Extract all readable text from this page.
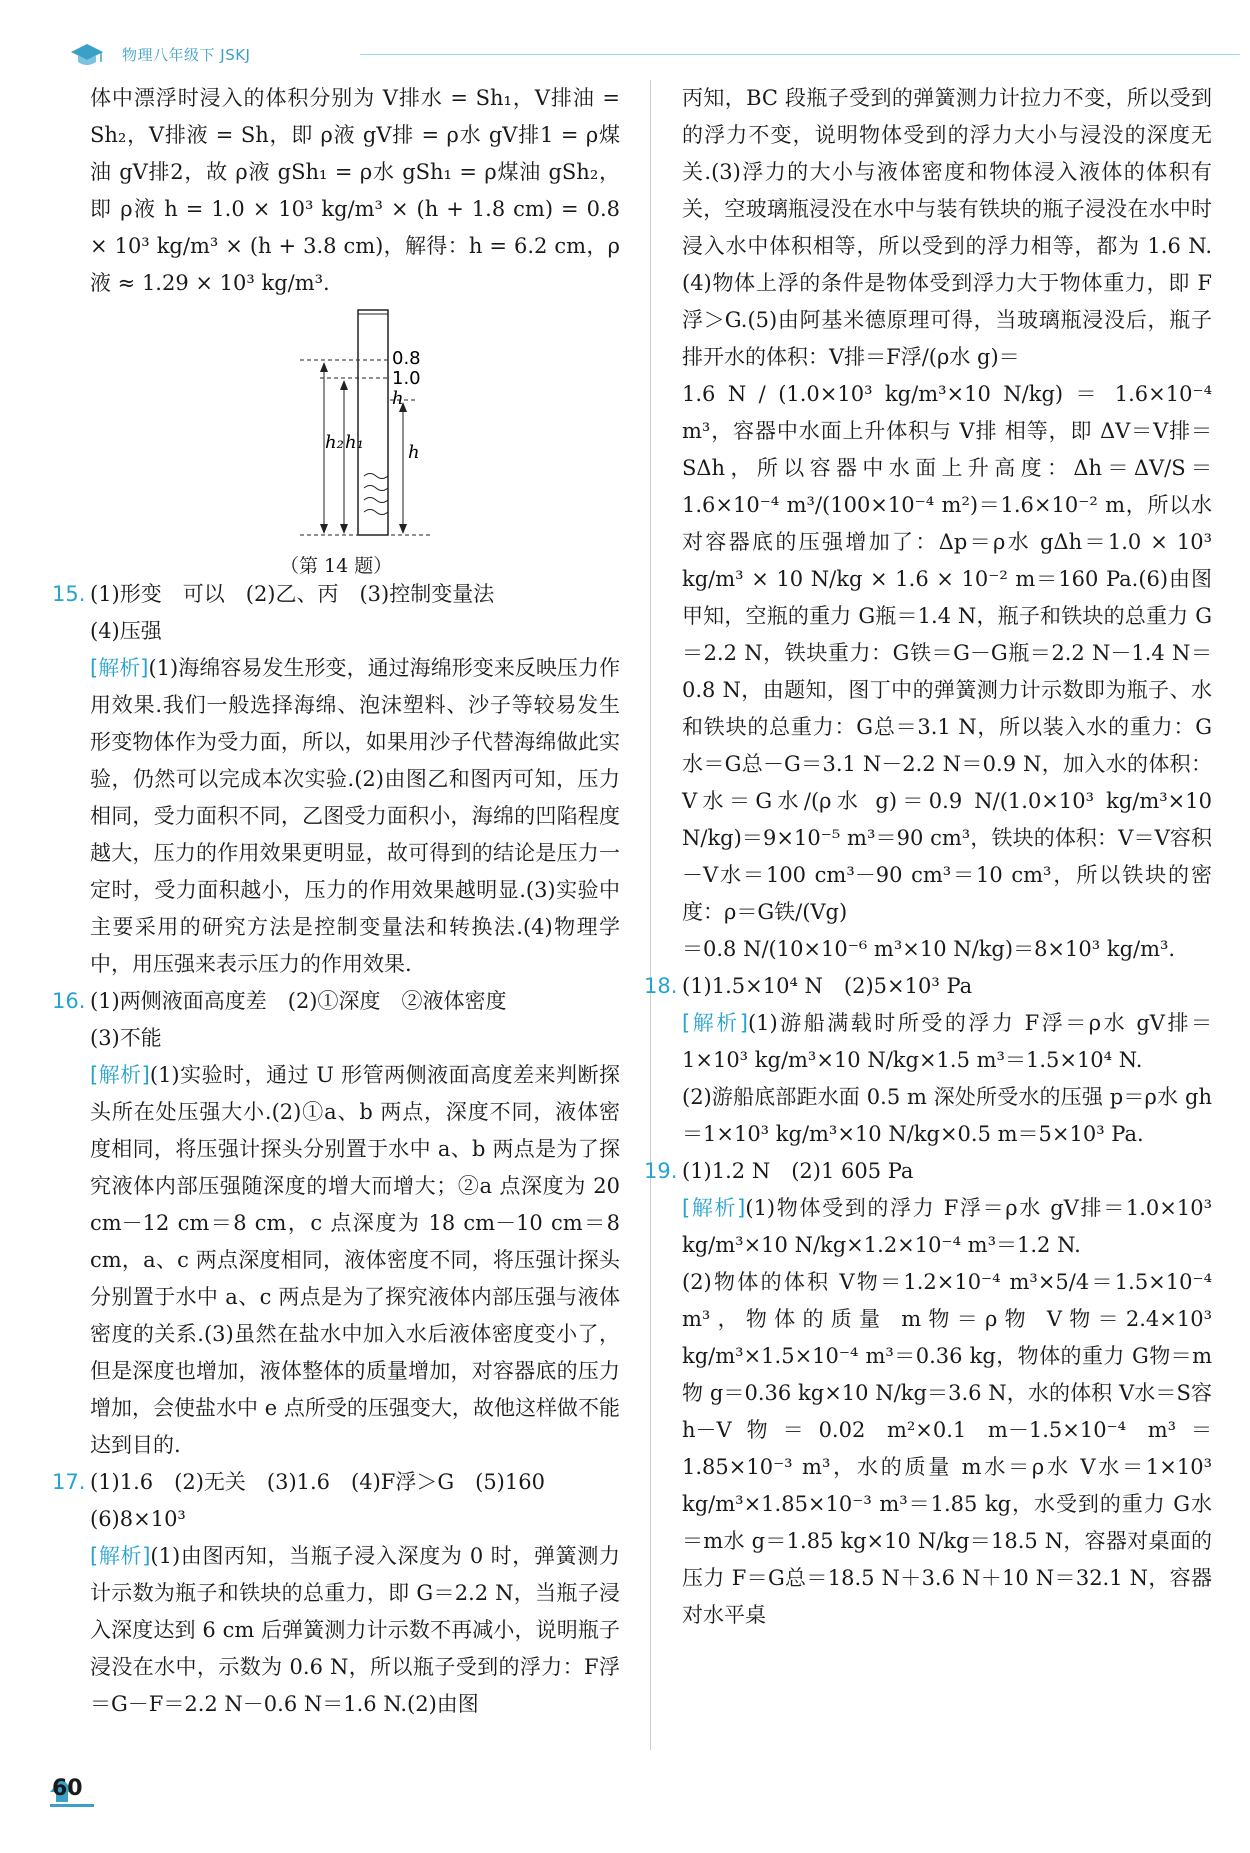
物理八年级下 JSKJ

体中漂浮时浸入的体积分别为 V排水 = Sh₁，V排油 = Sh₂，V排液 = Sh，即 ρ液 gV排 = ρ水 gV排1 = ρ煤油 gV排2，故 ρ液 gSh₁ = ρ水 gSh₁ = ρ煤油 gSh₂，即 ρ液 h = 1.0 × 10³ kg/m³ × (h + 1.8 cm) = 0.8 × 10³ kg/m³ × (h + 3.8 cm)，解得：h = 6.2 cm，ρ液 ≈ 1.29 × 10³ kg/m³.

0.8
1.0
h
h₂ h₁ h
（第 14 题）
15. (1)形变　可以　(2)乙、丙　(3)控制变量法

(4)压强

[解析](1)海绵容易发生形变，通过海绵形变来反映压力作用效果.我们一般选择海绵、泡沫塑料、沙子等较易发生形变物体作为受力面，所以，如果用沙子代替海绵做此实验，仍然可以完成本次实验.(2)由图乙和图丙可知，压力相同，受力面积不同，乙图受力面积小，海绵的凹陷程度越大，压力的作用效果更明显，故可得到的结论是压力一定时，受力面积越小，压力的作用效果越明显.(3)实验中主要采用的研究方法是控制变量法和转换法.(4)物理学中，用压强来表示压力的作用效果.

16. (1)两侧液面高度差　(2)①深度　②液体密度

(3)不能

[解析](1)实验时，通过 U 形管两侧液面高度差来判断探头所在处压强大小.(2)①a、b 两点，深度不同，液体密度相同，将压强计探头分别置于水中 a、b 两点是为了探究液体内部压强随深度的增大而增大；②a 点深度为 20 cm－12 cm＝8 cm，c 点深度为 18 cm－10 cm＝8 cm，a、c 两点深度相同，液体密度不同，将压强计探头分别置于水中 a、c 两点是为了探究液体内部压强与液体密度的关系.(3)虽然在盐水中加入水后液体密度变小了，但是深度也增加，液体整体的质量增加，对容器底的压力增加，会使盐水中 e 点所受的压强变大，故他这样做不能达到目的.

17. (1)1.6　(2)无关　(3)1.6　(4)F浮＞G　(5)160

(6)8×10³

[解析](1)由图丙知，当瓶子浸入深度为 0 时，弹簧测力计示数为瓶子和铁块的总重力，即 G＝2.2 N，当瓶子浸入深度达到 6 cm 后弹簧测力计示数不再减小，说明瓶子浸没在水中，示数为 0.6 N，所以瓶子受到的浮力：F浮＝G－F＝2.2 N－0.6 N＝1.6 N.(2)由图

丙知，BC 段瓶子受到的弹簧测力计拉力不变，所以受到的浮力不变，说明物体受到的浮力大小与浸没的深度无关.(3)浮力的大小与液体密度和物体浸入液体的体积有关，空玻璃瓶浸没在水中与装有铁块的瓶子浸没在水中时浸入水中体积相等，所以受到的浮力相等，都为 1.6 N.(4)物体上浮的条件是物体受到浮力大于物体重力，即 F浮＞G.(5)由阿基米德原理可得，当玻璃瓶浸没后，瓶子排开水的体积：V排＝F浮/(ρ水 g)＝

1.6 N / (1.0×10³ kg/m³×10 N/kg) ＝ 1.6×10⁻⁴ m³，容器中水面上升体积与 V排 相等，即 ΔV＝V排＝SΔh，所以容器中水面上升高度：Δh＝ΔV/S＝1.6×10⁻⁴ m³/(100×10⁻⁴ m²)＝1.6×10⁻² m，所以水对容器底的压强增加了：Δp＝ρ水 gΔh＝1.0 × 10³ kg/m³ × 10 N/kg × 1.6 × 10⁻² m＝160 Pa.(6)由图甲知，空瓶的重力 G瓶＝1.4 N，瓶子和铁块的总重力 G＝2.2 N，铁块重力：G铁＝G－G瓶＝2.2 N－1.4 N＝0.8 N，由题知，图丁中的弹簧测力计示数即为瓶子、水和铁块的总重力：G总＝3.1 N，所以装入水的重力：G水＝G总－G＝3.1 N－2.2 N＝0.9 N，加入水的体积：V水＝G水/(ρ水 g)＝0.9 N/(1.0×10³ kg/m³×10 N/kg)＝9×10⁻⁵ m³＝90 cm³，铁块的体积：V＝V容积－V水＝100 cm³－90 cm³＝10 cm³，所以铁块的密度：ρ＝G铁/(Vg)

＝0.8 N/(10×10⁻⁶ m³×10 N/kg)＝8×10³ kg/m³.

18. (1)1.5×10⁴ N　(2)5×10³ Pa

[解析](1)游船满载时所受的浮力 F浮＝ρ水 gV排＝1×10³ kg/m³×10 N/kg×1.5 m³＝1.5×10⁴ N.

(2)游船底部距水面 0.5 m 深处所受水的压强 p＝ρ水 gh＝1×10³ kg/m³×10 N/kg×0.5 m＝5×10³ Pa.

19. (1)1.2 N　(2)1 605 Pa

[解析](1)物体受到的浮力 F浮＝ρ水 gV排＝1.0×10³ kg/m³×10 N/kg×1.2×10⁻⁴ m³＝1.2 N.

(2)物体的体积 V物＝1.2×10⁻⁴ m³×5/4＝1.5×10⁻⁴ m³，物体的质量 m物＝ρ物 V物＝2.4×10³ kg/m³×1.5×10⁻⁴ m³＝0.36 kg，物体的重力 G物＝m物 g＝0.36 kg×10 N/kg＝3.6 N，水的体积 V水＝S容 h－V物＝0.02 m²×0.1 m－1.5×10⁻⁴ m³＝1.85×10⁻³ m³，水的质量 m水＝ρ水 V水＝1×10³ kg/m³×1.85×10⁻³ m³＝1.85 kg，水受到的重力 G水＝m水 g＝1.85 kg×10 N/kg＝18.5 N，容器对桌面的压力 F＝G总＝18.5 N＋3.6 N＋10 N＝32.1 N，容器对水平桌

60
